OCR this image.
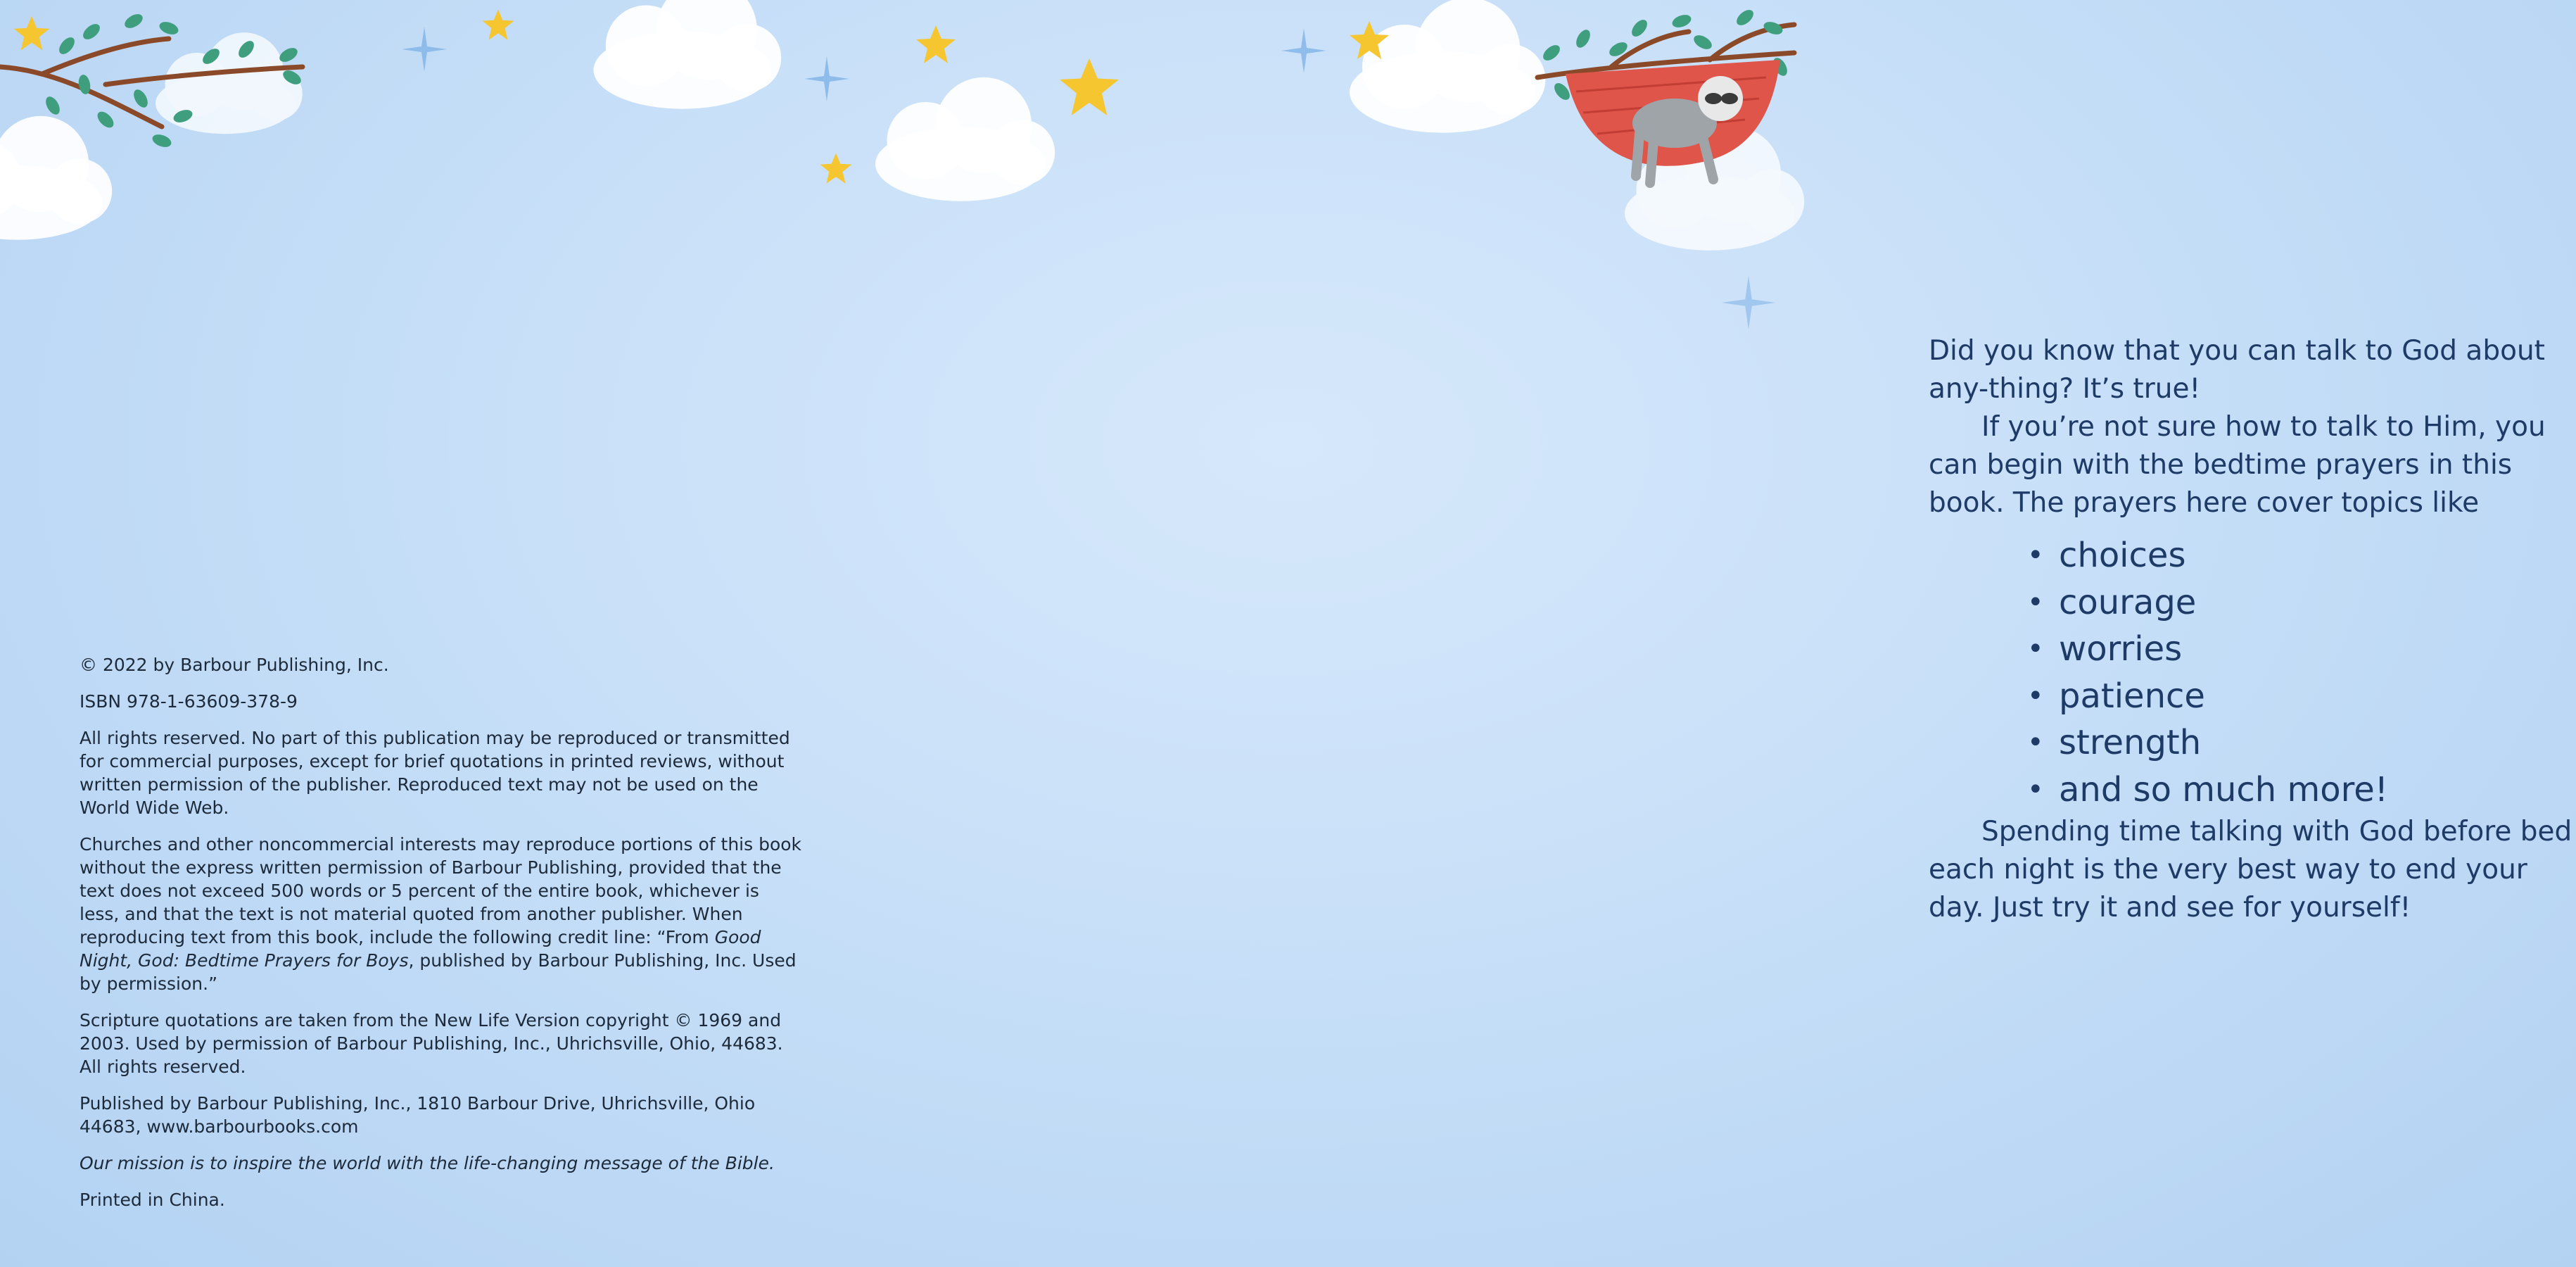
© 2022 by Barbour Publishing, Inc.

ISBN 978-1-63609-378-9

All rights reserved. No part of this publication may be reproduced or transmitted for commercial purposes, except for brief quotations in printed reviews, without written permission of the publisher. Reproduced text may not be used on the World Wide Web.

Churches and other noncommercial interests may reproduce portions of this book without the express written permission of Barbour Publishing, provided that the text does not exceed 500 words or 5 percent of the entire book, whichever is less, and that the text is not material quoted from another publisher. When reproducing text from this book, include the following credit line: “From Good Night, God: Bedtime Prayers for Boys, published by Barbour Publishing, Inc. Used by permission.”

Scripture quotations are taken from the New Life Version copyright © 1969 and 2003. Used by permission of Barbour Publishing, Inc., Uhrichsville, Ohio, 44683. All rights reserved.

Published by Barbour Publishing, Inc., 1810 Barbour Drive, Uhrichsville, Ohio 44683, www.barbourbooks.com

Our mission is to inspire the world with the life-changing message of the Bible.

Printed in China.

Did you know that you can talk to God about any-thing? It’s true!

If you’re not sure how to talk to Him, you can begin with the bedtime prayers in this book. The prayers here cover topics like

• choices
• courage
• worries
• patience
• strength
• and so much more!

Spending time talking with God before bed each night is the very best way to end your day. Just try it and see for yourself!
